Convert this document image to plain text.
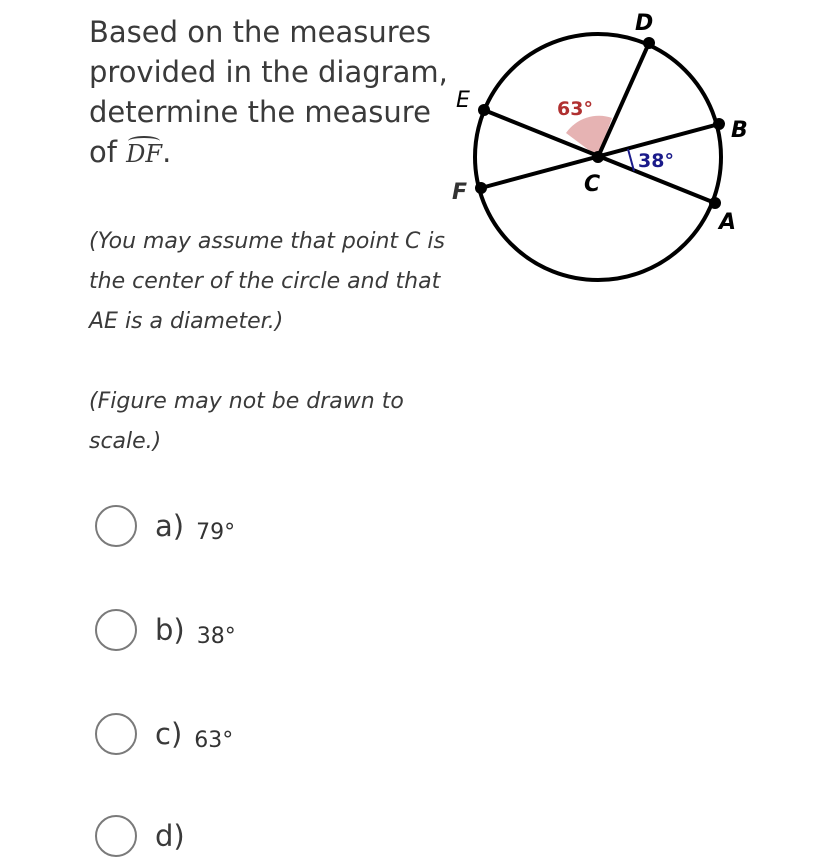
Based on the measures
provided in the diagram,
determine the measure
of DF.
(You may assume that point C is
the center of the circle and that
AE is a diameter.)
(Figure may not be drawn to
scale.)
D
E
B
F	C
A
63°
38°
a) 79°
b) 38°
c) 63°
d)
